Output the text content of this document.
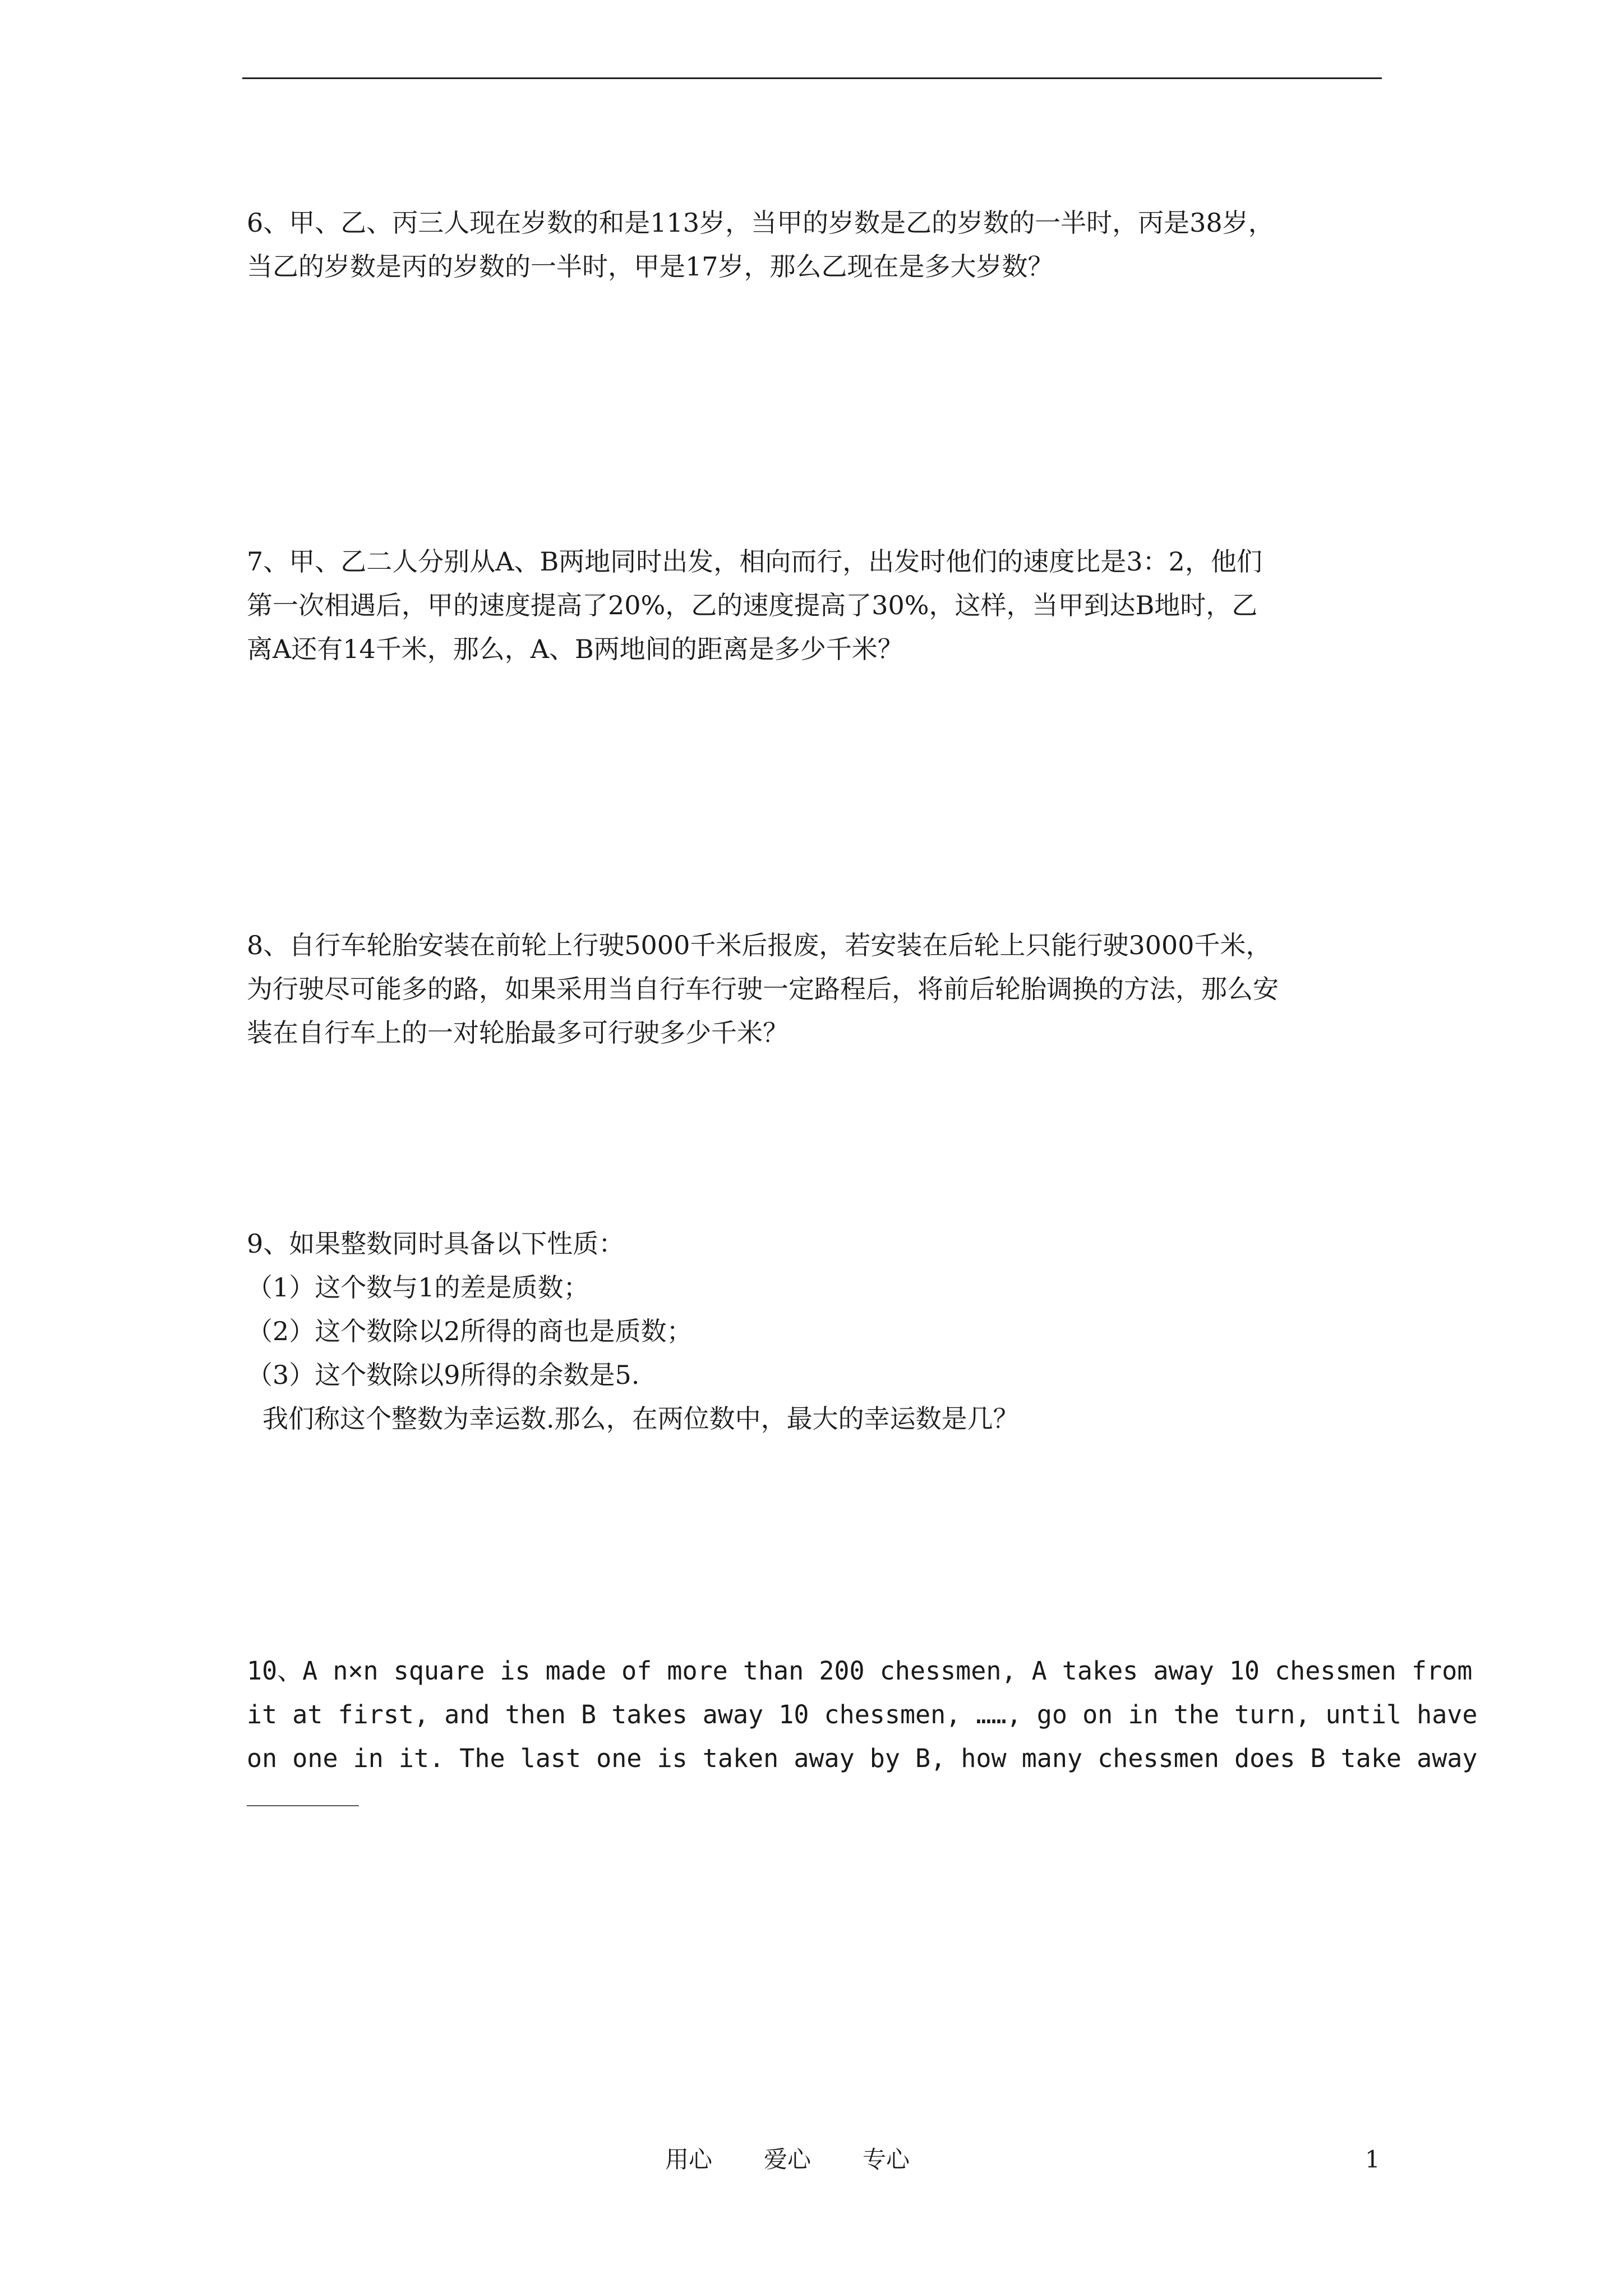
6、甲、乙、丙三人现在岁数的和是113岁，当甲的岁数是乙的岁数的一半时，丙是38岁，

当乙的岁数是丙的岁数的一半时，甲是17岁，那么乙现在是多大岁数？

7、甲、乙二人分别从A、B两地同时出发，相向而行，出发时他们的速度比是3：2，他们

第一次相遇后，甲的速度提高了20%，乙的速度提高了30%，这样，当甲到达B地时，乙

离A还有14千米，那么，A、B两地间的距离是多少千米？

8、自行车轮胎安装在前轮上行驶5000千米后报废，若安装在后轮上只能行驶3000千米，

为行驶尽可能多的路，如果采用当自行车行驶一定路程后，将前后轮胎调换的方法，那么安

装在自行车上的一对轮胎最多可行驶多少千米？

9、如果整数同时具备以下性质：

（1）这个数与1的差是质数；

（2）这个数除以2所得的商也是质数；

（3）这个数除以9所得的余数是5.

我们称这个整数为幸运数.那么，在两位数中，最大的幸运数是几？

10、A n×n square is made of more than 200 chessmen, A takes away 10 chessmen from

it at first, and then B takes away 10 chessmen, ……, go on in the turn, until have

on one in it. The last one is taken away by B, how many chessmen does B take away

用心 爱心 专心	1
